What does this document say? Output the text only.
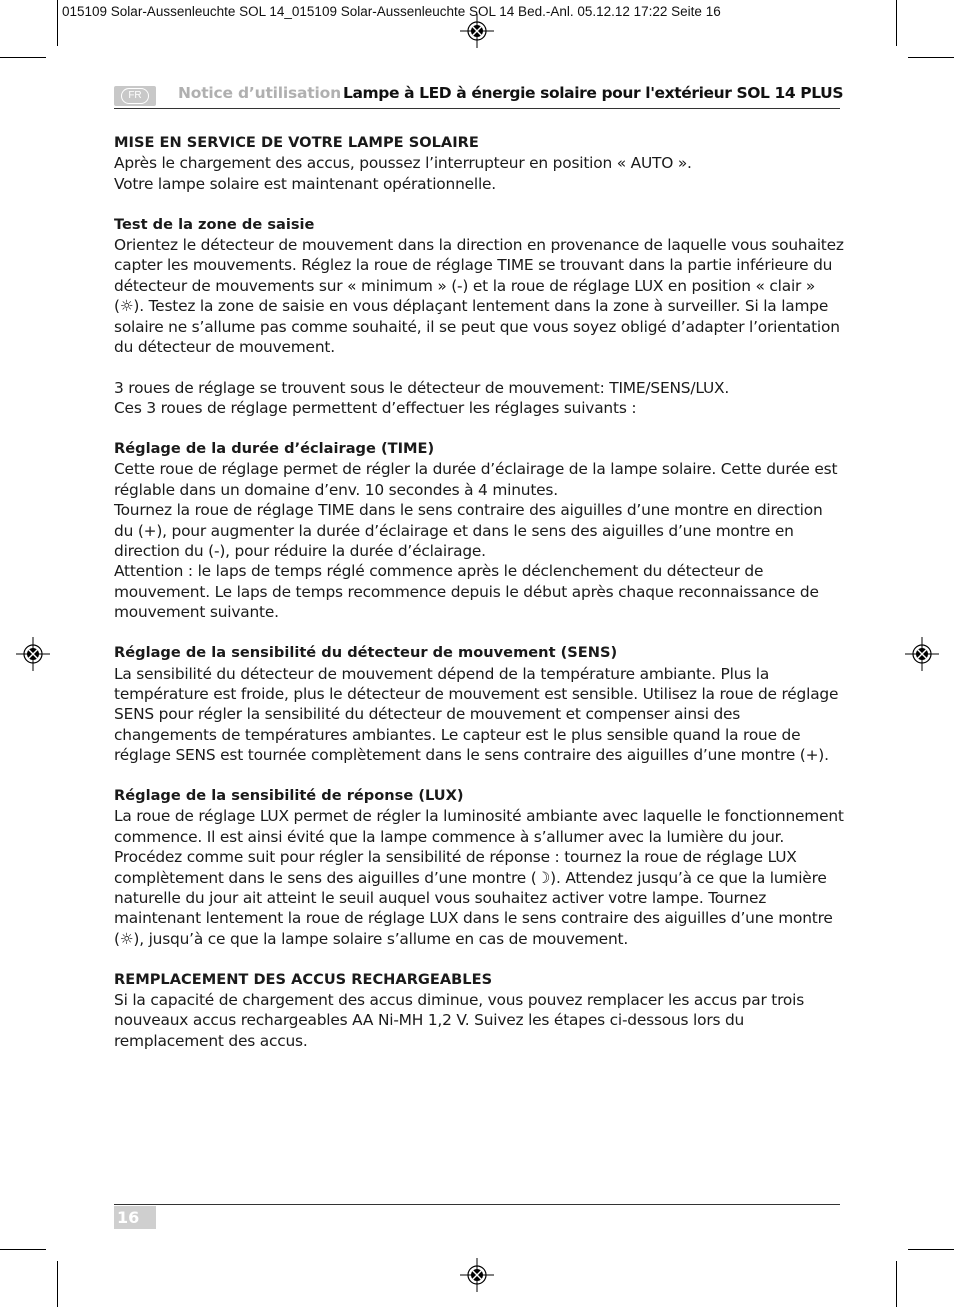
015109 Solar-Aussenleuchte SOL 14_015109 Solar-Aussenleuchte SOL 14 Bed.-Anl. 05.12.12 17:22 Seite 16
FR	Notice d’utilisation Lampe à LED à énergie solaire pour l'extérieur SOL 14 PLUS
MISE EN SERVICE DE VOTRE LAMPE SOLAIRE

Après le chargement des accus, poussez l’interrupteur en position « AUTO ».

Votre lampe solaire est maintenant opérationnelle.

Test de la zone de saisie

Orientez le détecteur de mouvement dans la direction en provenance de laquelle vous souhaitez capter les mouvements. Réglez la roue de réglage TIME se trouvant dans la partie inférieure du détecteur de mouvements sur « minimum » (-) et la roue de réglage LUX en position « clair » (☼). Testez la zone de saisie en vous déplaçant lentement dans la zone à surveiller. Si la lampe solaire ne s’allume pas comme souhaité, il se peut que vous soyez obligé d’adapter l’orientation du détecteur de mouvement.

3 roues de réglage se trouvent sous le détecteur de mouvement: TIME/SENS/LUX.

Ces 3 roues de réglage permettent d’effectuer les réglages suivants :

Réglage de la durée d’éclairage (TIME)

Cette roue de réglage permet de régler la durée d’éclairage de la lampe solaire. Cette durée est réglable dans un domaine d’env. 10 secondes à 4 minutes.

Tournez la roue de réglage TIME dans le sens contraire des aiguilles d’une montre en direction du (+), pour augmenter la durée d’éclairage et dans le sens des aiguilles d’une montre en direction du (-), pour réduire la durée d’éclairage.

Attention : le laps de temps réglé commence après le déclenchement du détecteur de mouvement. Le laps de temps recommence depuis le début après chaque reconnaissance de mouvement suivante.

Réglage de la sensibilité du détecteur de mouvement (SENS)

La sensibilité du détecteur de mouvement dépend de la température ambiante. Plus la température est froide, plus le détecteur de mouvement est sensible. Utilisez la roue de réglage SENS pour régler la sensibilité du détecteur de mouvement et compenser ainsi des changements de températures ambiantes. Le capteur est le plus sensible quand la roue de réglage SENS est tournée complètement dans le sens contraire des aiguilles d’une montre (+).

Réglage de la sensibilité de réponse (LUX)

La roue de réglage LUX permet de régler la luminosité ambiante avec laquelle le fonctionnement commence. Il est ainsi évité que la lampe commence à s’allumer avec la lumière du jour.

Procédez comme suit pour régler la sensibilité de réponse : tournez la roue de réglage LUX complètement dans le sens des aiguilles d’une montre (☽). Attendez jusqu’à ce que la lumière naturelle du jour ait atteint le seuil auquel vous souhaitez activer votre lampe. Tournez maintenant lentement la roue de réglage LUX dans le sens contraire des aiguilles d’une montre (☼), jusqu’à ce que la lampe solaire s’allume en cas de mouvement.

REMPLACEMENT DES ACCUS RECHARGEABLES

Si la capacité de chargement des accus diminue, vous pouvez remplacer les accus par trois nouveaux accus rechargeables AA Ni-MH 1,2 V. Suivez les étapes ci-dessous lors du remplacement des accus.

16
